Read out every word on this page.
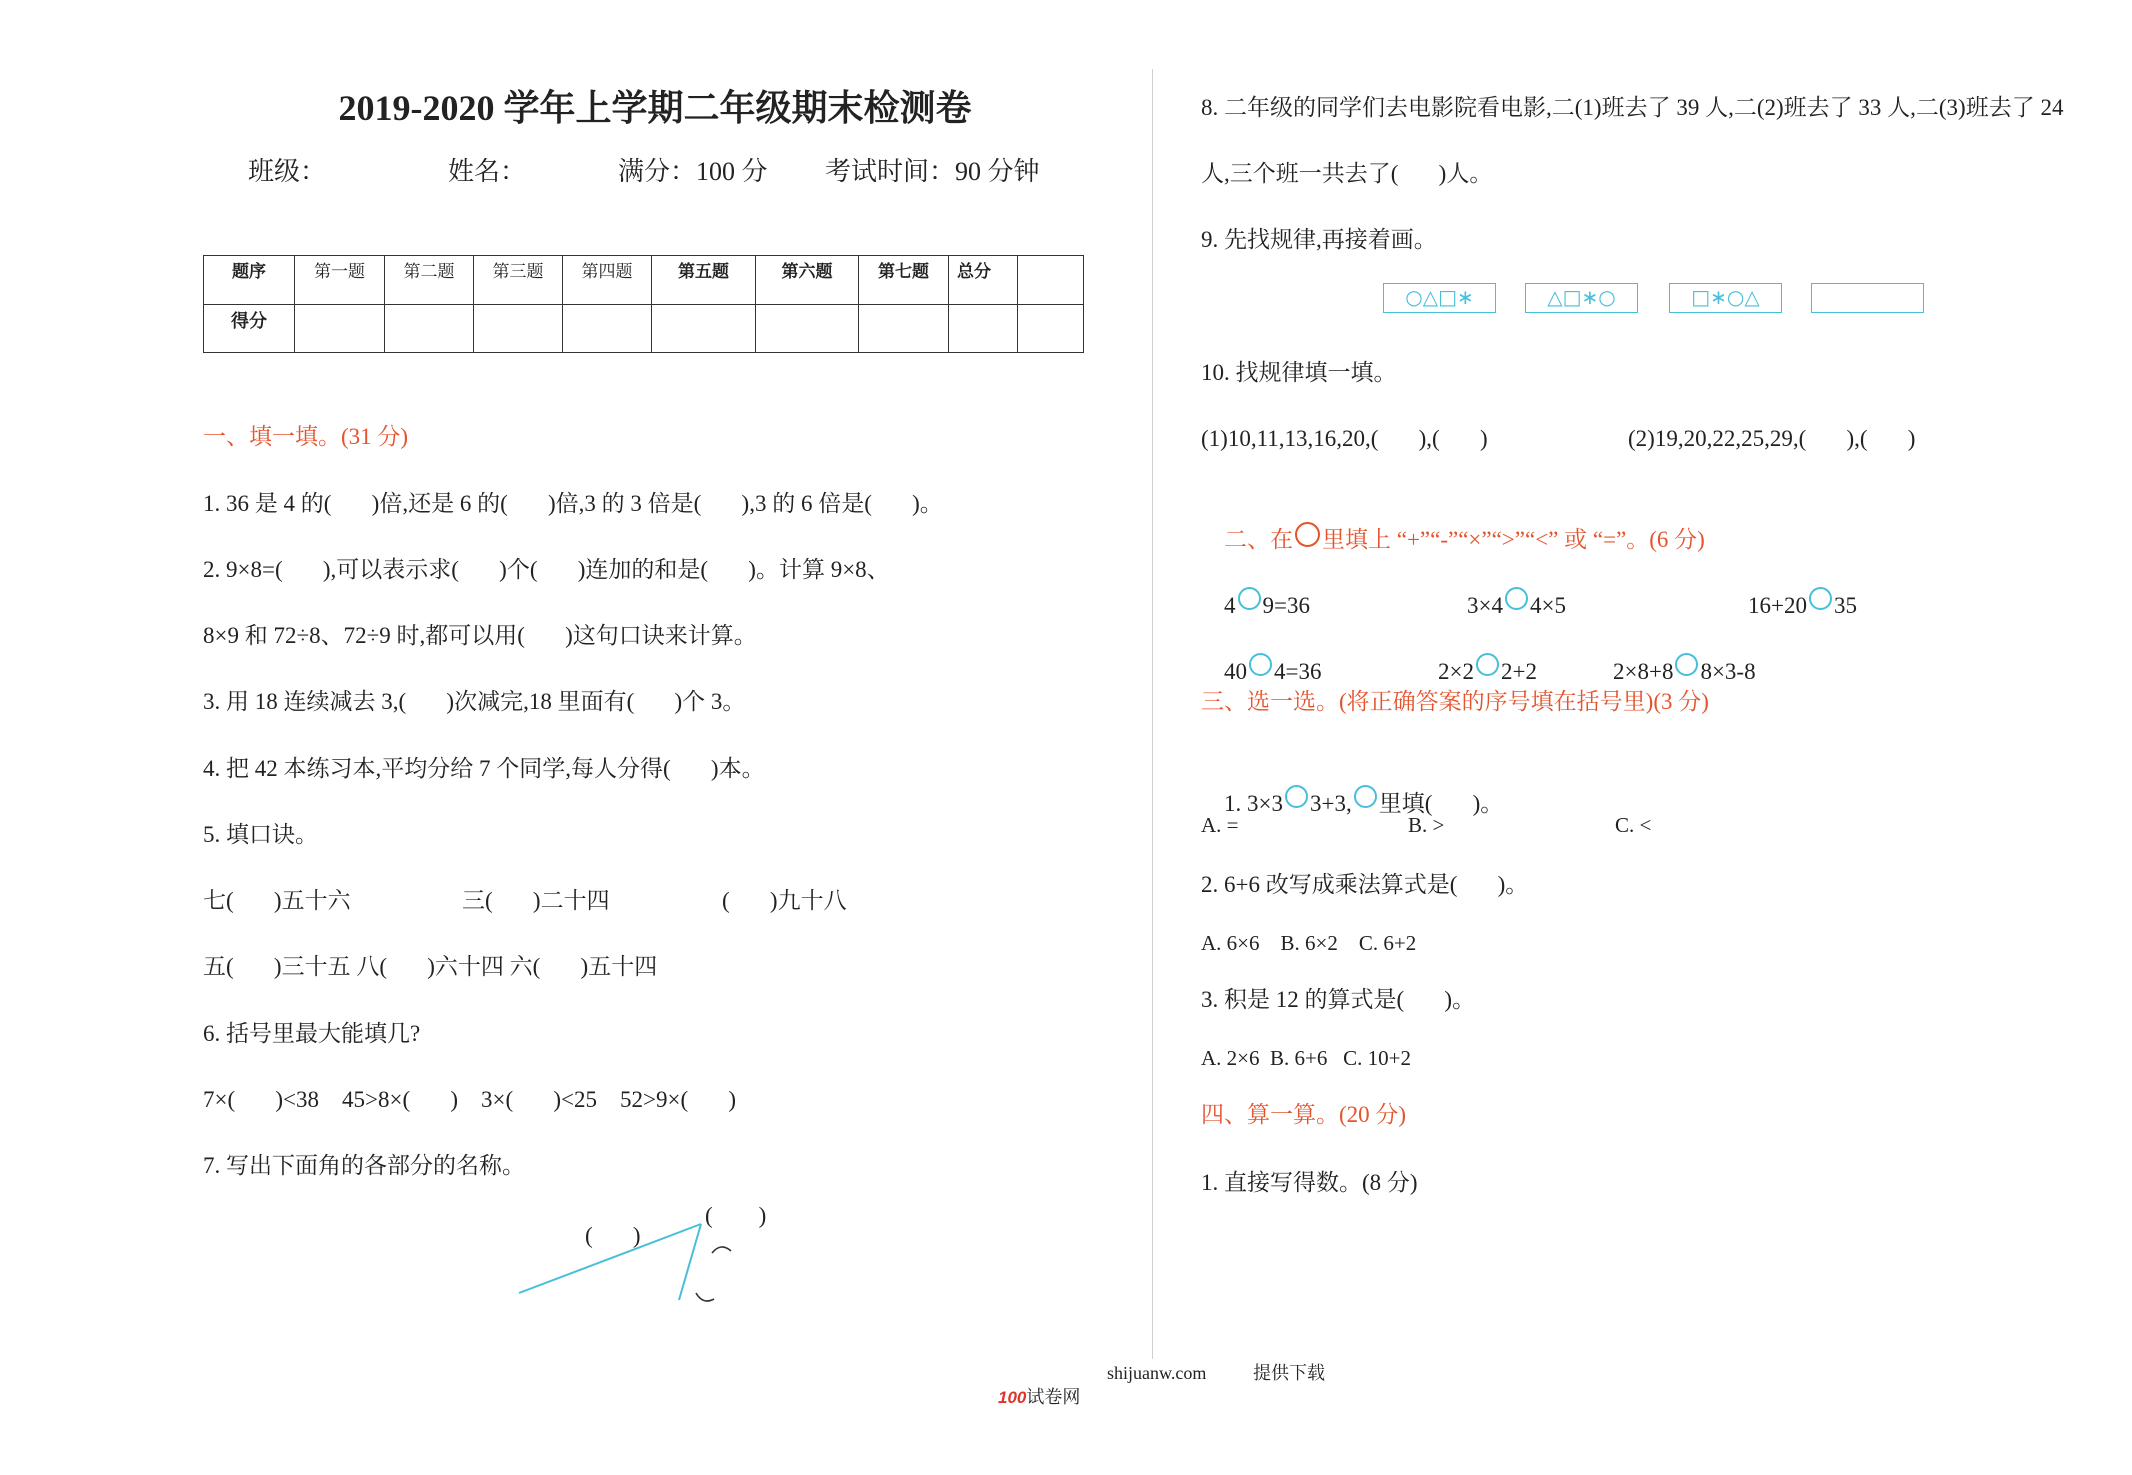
2019-2020 学年上学期二年级期末检测卷
班级：	姓名：	满分：100 分 考试时间：90 分钟
题序	第一题	第二题	第三题	第四题	第五题	第六题	第七题	总分	
得分									
一、填一填。(31 分)
1. 36 是 4 的(       )倍,还是 6 的(       )倍,3 的 3 倍是(       ),3 的 6 倍是(       )。
2. 9×8=(       ),可以表示求(       )个(       )连加的和是(       )。计算 9×8、
8×9 和 72÷8、72÷9 时,都可以用(       )这句口诀来计算。
3. 用 18 连续减去 3,(       )次减完,18 里面有(       )个 3。
4. 把 42 本练习本,平均分给 7 个同学,每人分得(       )本。
5. 填口诀。
七(       )五十六	三(       )二十四	(       )九十八
五(       )三十五 八(       )六十四 六(       )五十四
6. 括号里最大能填几?
7×(       )<38    45>8×(       )    3×(       )<25    52>9×(       )
7. 写出下面角的各部分的名称。
(       )
(        )
8. 二年级的同学们去电影院看电影,二(1)班去了 39 人,二(2)班去了 33 人,二(3)班去了 24
人,三个班一共去了(       )人。
9. 先找规律,再接着画。
○△□∗	△□∗○	□∗○△
10. 找规律填一填。
(1)10,11,13,16,20,(       ),(       )	(2)19,20,22,25,29,(       ),(       )

二、在 里填上 “+”“-”“×”“>”“<” 或 “=”。(6 分)

4 9=36
	3×4 4×5
	16+20 35

40 4=36
	2×2 2+2
	2×8+8 8×3-8

三、选一选。(将正确答案的序号填在括号里)(3 分)

1. 3×3 3+3, 里填(       )。

A. =	B. >	C. <
2. 6+6 改写成乘法算式是(       )。
A. 6×6    B. 6×2    C. 6+2
3. 积是 12 的算式是(       )。
A. 2×6  B. 6+6   C. 10+2
四、算一算。(20 分)
1. 直接写得数。(8 分)

100试卷网

shijuanw.com	提供下载
